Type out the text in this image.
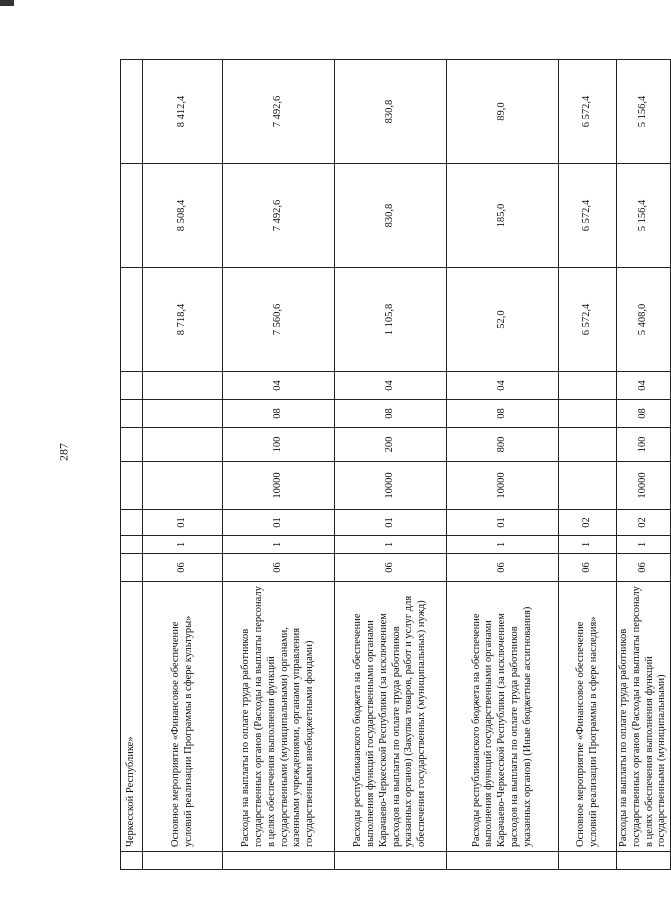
287
	Черкесской Республике»										
	Основное мероприятие «Финансовое обеспечение условий реализации Программы в сфере культуры»	06	1	01					8 718,4	8 508,4	8 412,4
	Расходы на выплаты по оплате труда работников государственных органов (Расходы на выплаты персоналу в целях обеспечения выполнения функций государственными (муниципальными) органами, казенными учреждениями, органами управления государственными внебюджетными фондами)	06	1	01	10000	100	08	04	7 560,6	7 492,6	7 492,6
	Расходы республиканского бюджета на обеспечение выполнения функций государственными органами Карачаево-Черкесской Республики (за исключением расходов на выплаты по оплате труда работников указанных органов) (Закупка товаров, работ и услуг для обеспечения государственных (муниципальных) нужд)	06	1	01	10000	200	08	04	1 105,8	830,8	830,8
	Расходы республиканского бюджета на обеспечение выполнения функций государственными органами Карачаево-Черкесской Республики (за исключением расходов на выплаты по оплате труда работников указанных органов) (Иные бюджетные ассигнования)	06	1	01	10000	800	08	04	52,0	185,0	89,0
	Основное мероприятие «Финансовое обеспечение условий реализации Программы в сфере наследия»	06	1	02					6 572,4	6 572,4	6 572,4
	Расходы на выплаты по оплате труда работников государственных органов (Расходы на выплаты персоналу в целях обеспечения выполнения функций государственными (муниципальными)	06	1	02	10000	100	08	04	5 408,0	5 156,4	5 156,4
